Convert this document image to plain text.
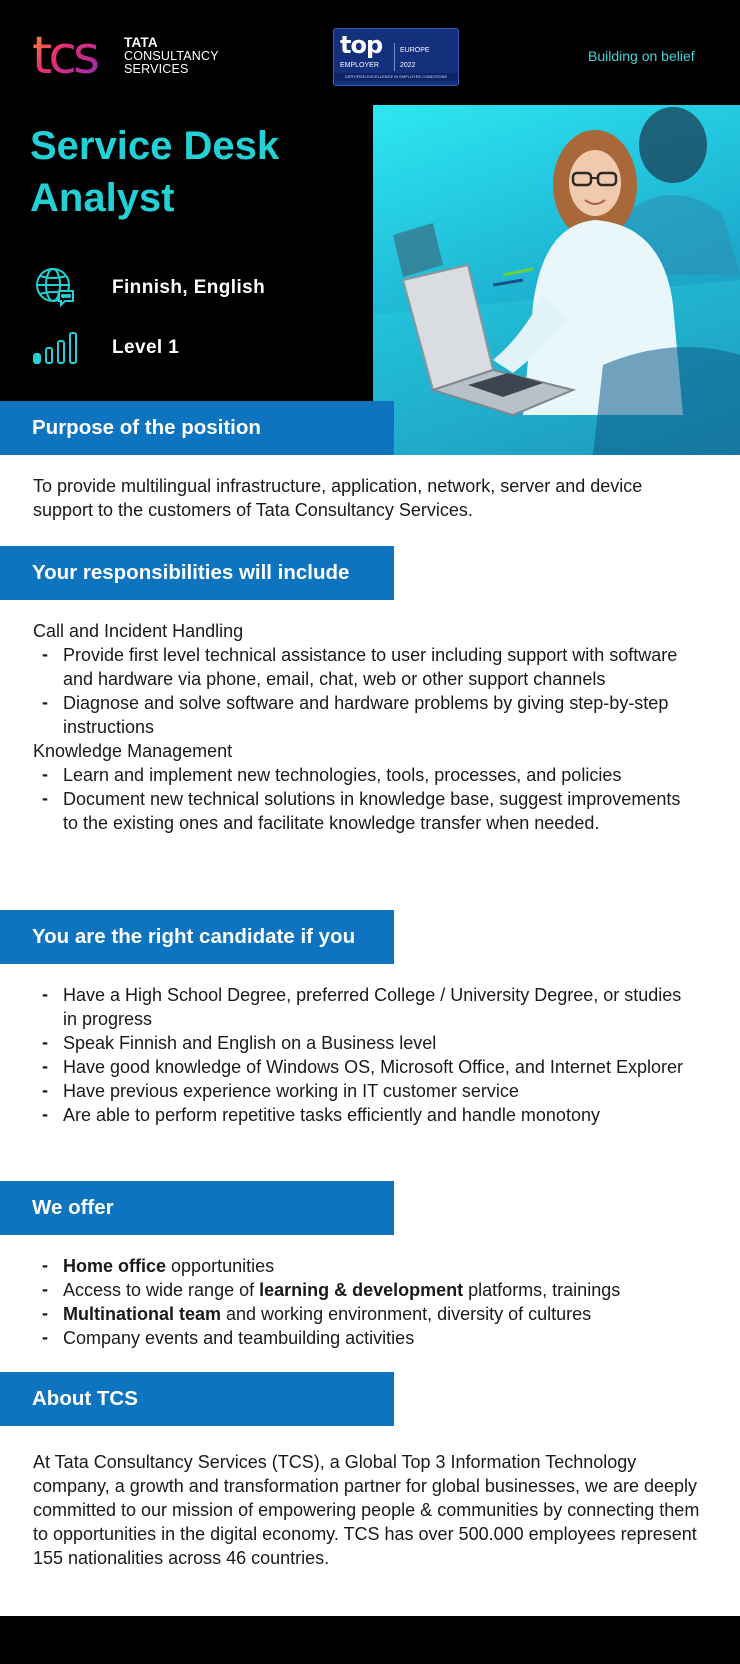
tcs TATA
CONSULTANCY
SERVICES
top
EMPLOYER
EUROPE
2022
CERTIFIED EXCELLENCE IN EMPLOYEE CONDITIONS
Building on belief
Service Desk Analyst
Finnish, English
Level 1
Purpose of the position
To provide multilingual infrastructure, application, network, server and device support to the customers of Tata Consultancy Services.
Your responsibilities will include
Call and Incident Handling
- Provide first level technical assistance to user including support with software and hardware via phone, email, chat, web or other support channels
- Diagnose and solve software and hardware problems by giving step-by-step instructions
Knowledge Management
- Learn and implement new technologies, tools, processes, and policies
- Document new technical solutions in knowledge base, suggest improvements to the existing ones and facilitate knowledge transfer when needed.
You are the right candidate if you
- Have a High School Degree, preferred College / University Degree, or studies in progress
- Speak Finnish and English on a Business level
- Have good knowledge of Windows OS, Microsoft Office, and Internet Explorer
- Have previous experience working in IT customer service
- Are able to perform repetitive tasks efficiently and handle monotony
We offer
- Home office opportunities
- Access to wide range of learning & development platforms, trainings
- Multinational team and working environment, diversity of cultures
- Company events and teambuilding activities
About TCS
At Tata Consultancy Services (TCS), a Global Top 3 Information Technology company, a growth and transformation partner for global businesses, we are deeply committed to our mission of empowering people & communities by connecting them to opportunities in the digital economy. TCS has over 500.000 employees represent 155 nationalities across 46 countries.
